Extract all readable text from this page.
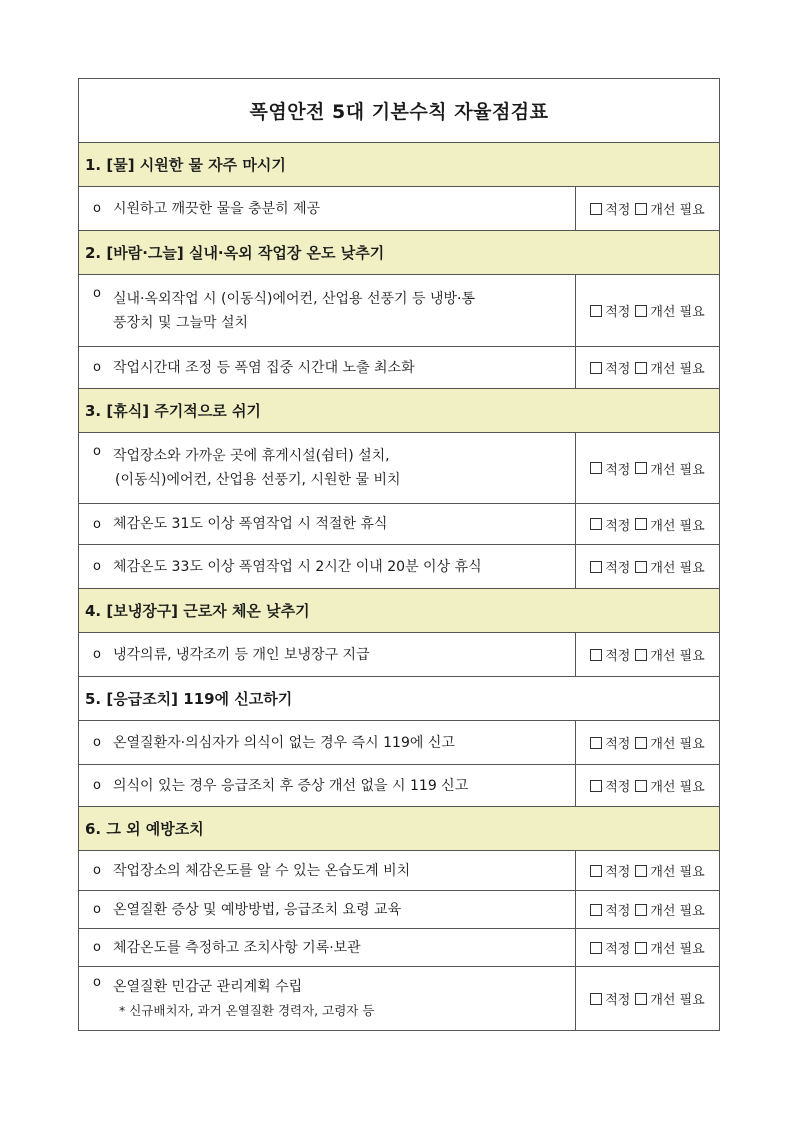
폭염안전 5대 기본수칙 자율점검표
1. [물] 시원한 물 자주 마시기
o 시원하고 깨끗한 물을 충분히 제공	적정 개선 필요
2. [바람·그늘] 실내·옥외 작업장 온도 낮추기
o 실내·옥외작업 시 (이동식)에어컨, 산업용 선풍기 등 냉방·통
풍장치 및 그늘막 설치
적정 개선 필요
o 작업시간대 조정 등 폭염 집중 시간대 노출 최소화	적정 개선 필요
3. [휴식] 주기적으로 쉬기
o 작업장소와 가까운 곳에 휴게시설(쉼터) 설치,
(이동식)에어컨, 산업용 선풍기, 시원한 물 비치
적정 개선 필요
o 체감온도 31도 이상 폭염작업 시 적절한 휴식	적정 개선 필요
o 체감온도 33도 이상 폭염작업 시 2시간 이내 20분 이상 휴식	적정 개선 필요
4. [보냉장구] 근로자 체온 낮추기
o 냉각의류, 냉각조끼 등 개인 보냉장구 지급	적정 개선 필요
5. [응급조치] 119에 신고하기
o 온열질환자·의심자가 의식이 없는 경우 즉시 119에 신고	적정 개선 필요
o 의식이 있는 경우 응급조치 후 증상 개선 없을 시 119 신고	적정 개선 필요
6. 그 외 예방조치
o 작업장소의 체감온도를 알 수 있는 온습도계 비치	적정 개선 필요
o 온열질환 증상 및 예방방법, 응급조치 요령 교육	적정 개선 필요
o 체감온도를 측정하고 조치사항 기록·보관	적정 개선 필요
o 온열질환 민감군 관리계획 수립
* 신규배치자, 과거 온열질환 경력자, 고령자 등
적정 개선 필요
